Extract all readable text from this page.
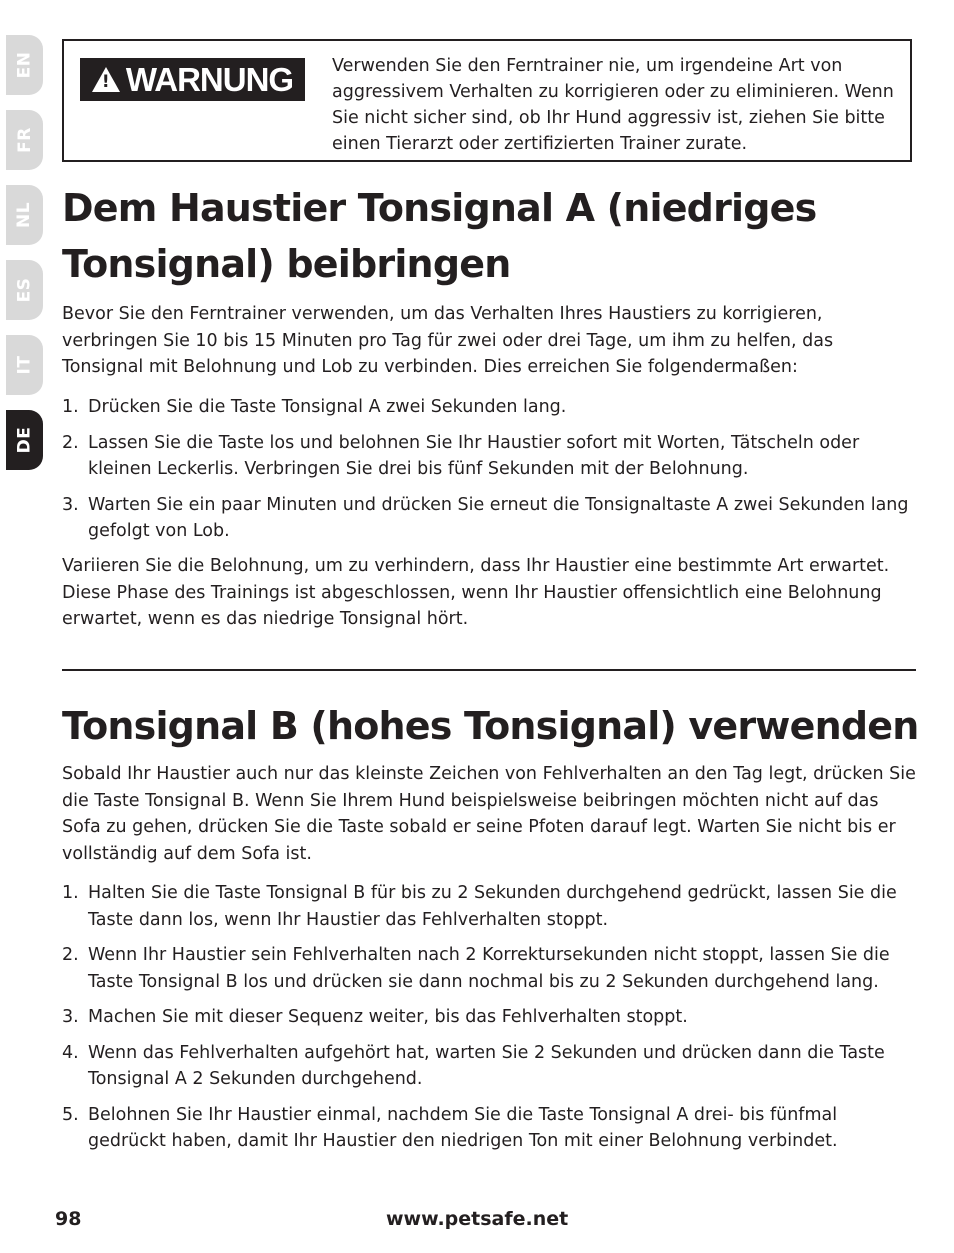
EN
FR
NL
ES
IT
DE
!
WARNUNG Verwenden Sie den Ferntrainer nie, um irgendeine Art von aggressivem Verhalten zu korrigieren oder zu eliminieren. Wenn Sie nicht sicher sind, ob Ihr Hund aggressiv ist, ziehen Sie bitte einen Tierarzt oder zertifizierten Trainer zurate.

Dem Haustier Tonsignal A (niedriges Tonsignal) beibringen

Bevor Sie den Ferntrainer verwenden, um das Verhalten Ihres Haustiers zu korrigieren, verbringen Sie 10 bis 15 Minuten pro Tag für zwei oder drei Tage, um ihm zu helfen, das Tonsignal mit Belohnung und Lob zu verbinden. Dies erreichen Sie folgendermaßen:

1. Drücken Sie die Taste Tonsignal A zwei Sekunden lang.
2. Lassen Sie die Taste los und belohnen Sie Ihr Haustier sofort mit Worten, Tätscheln oder kleinen Leckerlis. Verbringen Sie drei bis fünf Sekunden mit der Belohnung.
3. Warten Sie ein paar Minuten und drücken Sie erneut die Tonsignaltaste A zwei Sekunden lang gefolgt von Lob.

Variieren Sie die Belohnung, um zu verhindern, dass Ihr Haustier eine bestimmte Art erwartet. Diese Phase des Trainings ist abgeschlossen, wenn Ihr Haustier offensichtlich eine Belohnung erwartet, wenn es das niedrige Tonsignal hört.

Tonsignal B (hohes Tonsignal) verwenden

Sobald Ihr Haustier auch nur das kleinste Zeichen von Fehlverhalten an den Tag legt, drücken Sie die Taste Tonsignal B. Wenn Sie Ihrem Hund beispielsweise beibringen möchten nicht auf das Sofa zu gehen, drücken Sie die Taste sobald er seine Pfoten darauf legt. Warten Sie nicht bis er vollständig auf dem Sofa ist.

1. Halten Sie die Taste Tonsignal B für bis zu 2 Sekunden durchgehend gedrückt, lassen Sie die Taste dann los, wenn Ihr Haustier das Fehlverhalten stoppt.
2. Wenn Ihr Haustier sein Fehlverhalten nach 2 Korrektursekunden nicht stoppt, lassen Sie die Taste Tonsignal B los und drücken sie dann nochmal bis zu 2 Sekunden durchgehend lang.
3. Machen Sie mit dieser Sequenz weiter, bis das Fehlverhalten stoppt.
4. Wenn das Fehlverhalten aufgehört hat, warten Sie 2 Sekunden und drücken dann die Taste Tonsignal A 2 Sekunden durchgehend.
5. Belohnen Sie Ihr Haustier einmal, nachdem Sie die Taste Tonsignal A drei- bis fünfmal gedrückt haben, damit Ihr Haustier den niedrigen Ton mit einer Belohnung verbindet.
98	www.petsafe.net
